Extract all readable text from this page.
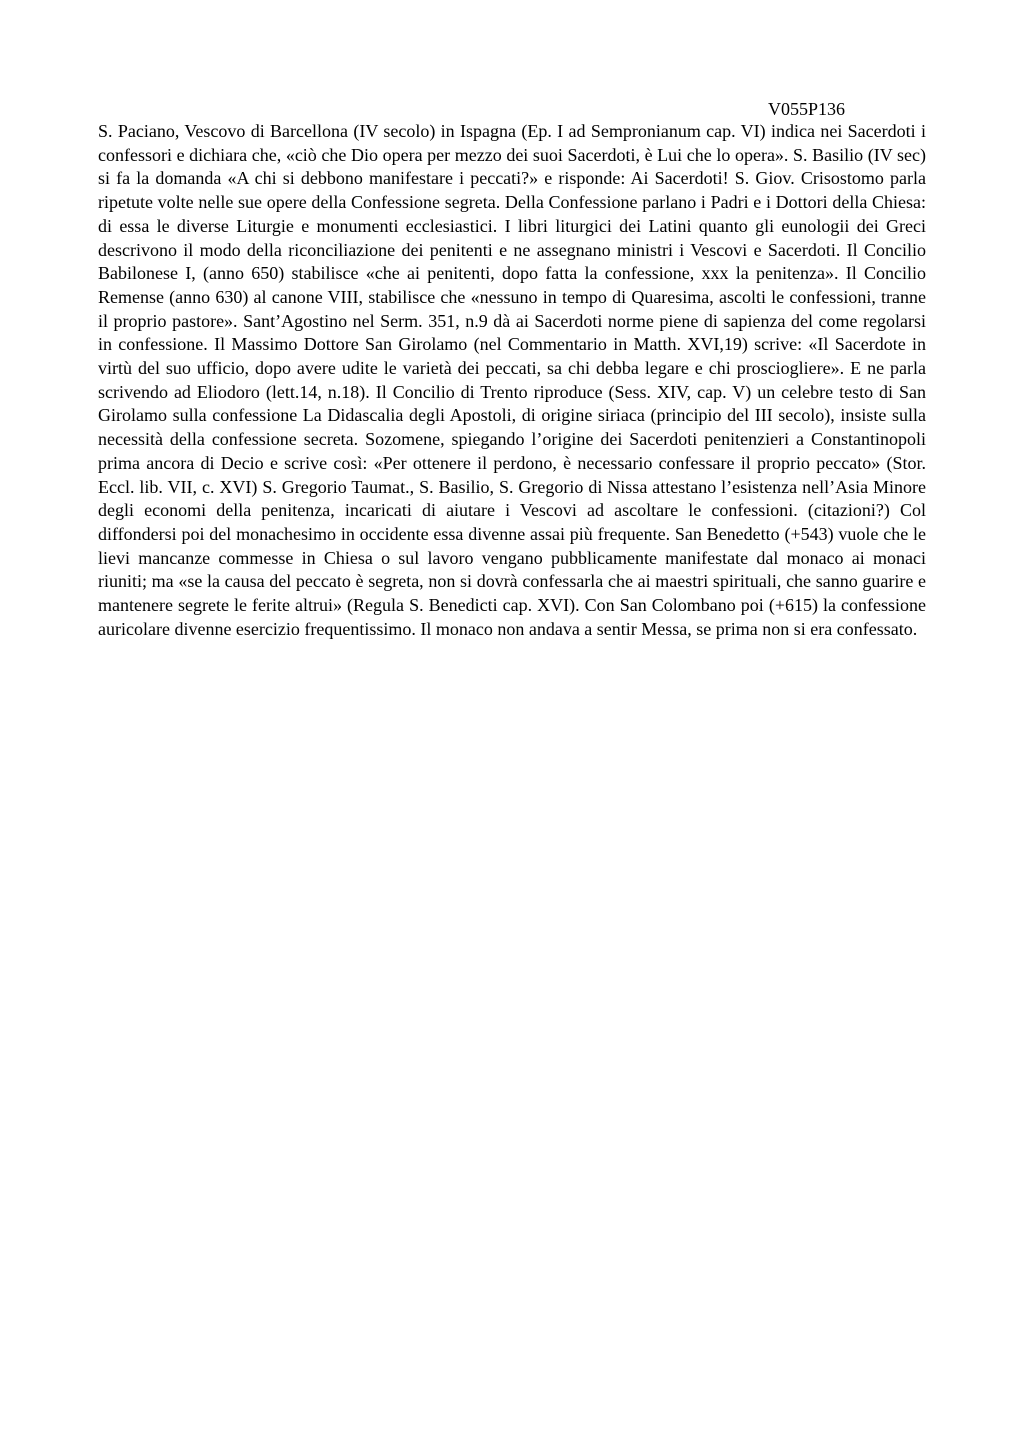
V055P136

S. Paciano, Vescovo di Barcellona (IV secolo) in Ispagna (Ep. I ad Sempronianum cap. VI) indica nei Sacerdoti i confessori e dichiara che, «ciò che Dio opera per mezzo dei suoi Sacerdoti, è Lui che lo opera». S. Basilio (IV sec) si fa la domanda «A chi si debbono manifestare i peccati?» e risponde: Ai Sacerdoti! S. Giov. Crisostomo parla ripetute volte nelle sue opere della Confessione segreta. Della Confessione parlano i Padri e i Dottori della Chiesa: di essa le diverse Liturgie e monumenti ecclesiastici. I libri liturgici dei Latini quanto gli eunologii dei Greci descrivono il modo della riconciliazione dei penitenti e ne assegnano ministri i Vescovi e Sacerdoti. Il Concilio Babilonese I, (anno 650) stabilisce «che ai penitenti, dopo fatta la confessione, xxx la penitenza». Il Concilio Remense (anno 630) al canone VIII, stabilisce che «nessuno in tempo di Quaresima, ascolti le confessioni, tranne il proprio pastore». Sant’Agostino nel Serm. 351, n.9 dà ai Sacerdoti norme piene di sapienza del come regolarsi in confessione. Il Massimo Dottore San Girolamo (nel Commentario in Matth. XVI,19) scrive: «Il Sacerdote in virtù del suo ufficio, dopo avere udite le varietà dei peccati, sa chi debba legare e chi prosciogliere». E ne parla scrivendo ad Eliodoro (lett.14, n.18). Il Concilio di Trento riproduce (Sess. XIV, cap. V) un celebre testo di San Girolamo sulla confessione La Didascalia degli Apostoli, di origine siriaca (principio del III secolo), insiste sulla necessità della confessione secreta. Sozomene, spiegando l’origine dei Sacerdoti penitenzieri a Constantinopoli prima ancora di Decio e scrive così: «Per ottenere il perdono, è necessario confessare il proprio peccato» (Stor. Eccl. lib. VII, c. XVI) S. Gregorio Taumat., S. Basilio, S. Gregorio di Nissa attestano l’esistenza nell’Asia Minore degli economi della penitenza, incaricati di aiutare i Vescovi ad ascoltare le confessioni. (citazioni?) Col diffondersi poi del monachesimo in occidente essa divenne assai più frequente. San Benedetto (+543) vuole che le lievi mancanze commesse in Chiesa o sul lavoro vengano pubblicamente manifestate dal monaco ai monaci riuniti; ma «se la causa del peccato è segreta, non si dovrà confessarla che ai maestri spirituali, che sanno guarire e mantenere segrete le ferite altrui» (Regula S. Benedicti cap. XVI). Con San Colombano poi (+615) la confessione auricolare divenne esercizio frequentissimo. Il monaco non andava a sentir Messa, se prima non si era confessato.
